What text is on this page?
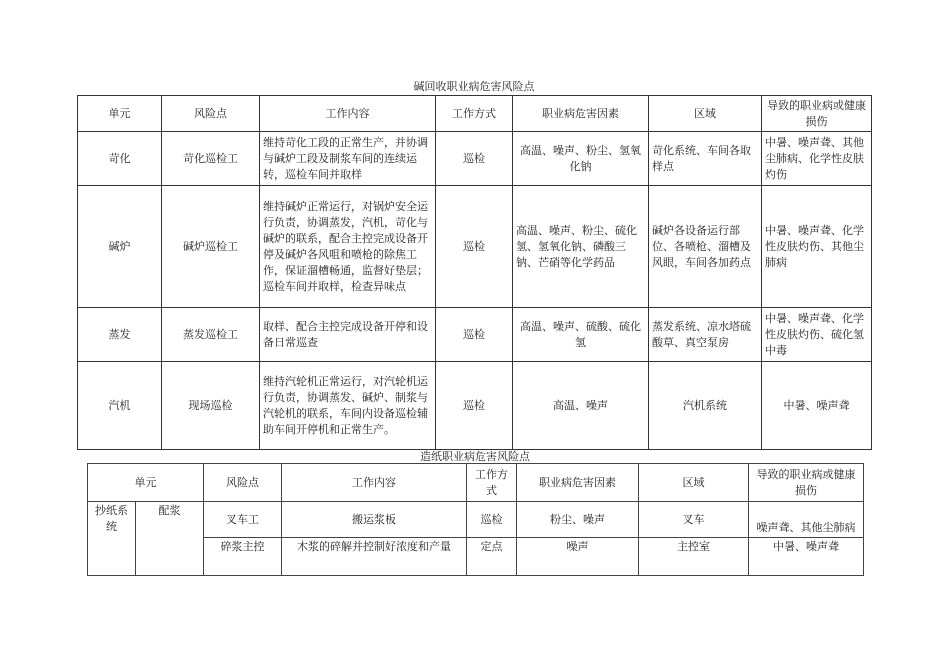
碱回收职业病危害风险点
单元	风险点	工作内容	工作方式	职业病危害因素	区域	导致的职业病或健康损伤
苛化	苛化巡检工	维持苛化工段的正常生产，并协调与碱炉工段及制浆车间的连续运转，巡检车间并取样	巡检	高温、噪声、粉尘、氢氧化钠	苛化系统、车间各取样点	中暑、噪声聋、其他尘肺病、化学性皮肤灼伤
碱炉	碱炉巡检工	维持碱炉正常运行，对锅炉安全运行负责，协调蒸发，汽机，苛化与碱炉的联系，配合主控完成设备开停及碱炉各风咀和喷枪的除焦工作，保证溜槽畅通，监督好垫层；巡检车间并取样，检查异味点	巡检	高温、噪声、粉尘、硫化氢、氢氧化钠、磷酸三钠、芒硝等化学药品	碱炉各设备运行部位、各喷枪、溜槽及风眼，车间各加药点	中暑、噪声聋、化学性皮肤灼伤、其他尘肺病
蒸发	蒸发巡检工	取样、配合主控完成设备开停和设备日常巡查	巡检	高温、噪声、硫酸、硫化氢	蒸发系统、凉水塔硫酸草、真空泵房	中暑、噪声聋、化学性皮肤灼伤、硫化氢中毒
汽机	现场巡检	维持汽轮机正常运行，对汽轮机运行负责，协调蒸发、碱炉、制浆与汽轮机的联系，车间内设备巡检辅助车间开停机和正常生产。	巡检	高温、噪声	汽机系统	中暑、噪声聋
造纸职业病危害风险点
单元		风险点	工作内容	工作方式	职业病危害因素	区域	导致的职业病或健康损伤
抄纸系统	配浆	叉车工	搬运浆板	巡检	粉尘、噪声	叉车	噪声聋、其他尘肺病
		碎浆主控	木浆的碎解并控制好浓度和产量	定点	噪声	主控室	中暑、噪声聋
